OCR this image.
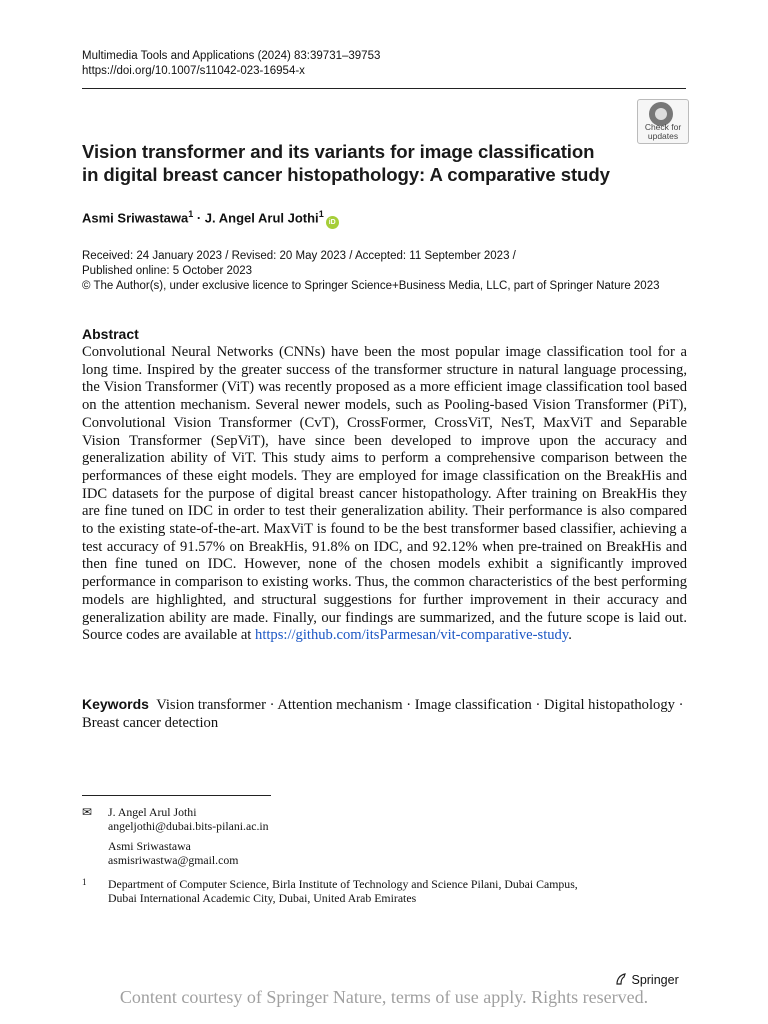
Multimedia Tools and Applications (2024) 83:39731–39753
https://doi.org/10.1007/s11042-023-16954-x
Check for
updates
Vision transformer and its variants for image classification
in digital breast cancer histopathology: A comparative study
Asmi Sriwastawa$^1$ · J. Angel Arul Jothi$^1$iD
Received: 24 January 2023 / Revised: 20 May 2023 / Accepted: 11 September 2023 /
Published online: 5 October 2023
© The Author(s), under exclusive licence to Springer Science+Business Media, LLC, part of Springer Nature 2023
Abstract
Convolutional Neural Networks (CNNs) have been the most popular image classification tool for a long time. Inspired by the greater success of the transformer structure in natural language processing, the Vision Transformer (ViT) was recently proposed as a more efficient image classification tool based on the attention mechanism. Several newer models, such as Pooling-based Vision Transformer (PiT), Convolutional Vision Transformer (CvT), CrossFormer, CrossViT, NesT, MaxViT and Separable Vision Transformer (SepViT), have since been developed to improve upon the accuracy and generalization ability of ViT. This study aims to perform a comprehensive comparison between the performances of these eight models. They are employed for image classification on the BreakHis and IDC datasets for the purpose of digital breast cancer histopathology. After training on BreakHis they are fine tuned on IDC in order to test their generalization ability. Their performance is also compared to the existing state-of-the-art. MaxViT is found to be the best transformer based classifier, achieving a test accuracy of 91.57% on BreakHis, 91.8% on IDC, and 92.12% when pre-trained on BreakHis and then fine tuned on IDC. However, none of the chosen models exhibit a significantly improved performance in comparison to existing works. Thus, the common characteristics of the best performing models are highlighted, and structural suggestions for further improvement in their accuracy and generalization ability are made. Finally, our findings are summarized, and the future scope is laid out. Source codes are available at https://github.com/itsParmesan/vit-comparative-study.
Keywords Vision transformer · Attention mechanism · Image classification · Digital histopathology · Breast cancer detection
✉ J. Angel Arul Jothi
angeljothi@dubai.bits-pilani.ac.in
Asmi Sriwastawa
asmisriwastwa@gmail.com
1 Department of Computer Science, Birla Institute of Technology and Science Pilani, Dubai Campus,
Dubai International Academic City, Dubai, United Arab Emirates
Springer
Content courtesy of Springer Nature, terms of use apply. Rights reserved.
